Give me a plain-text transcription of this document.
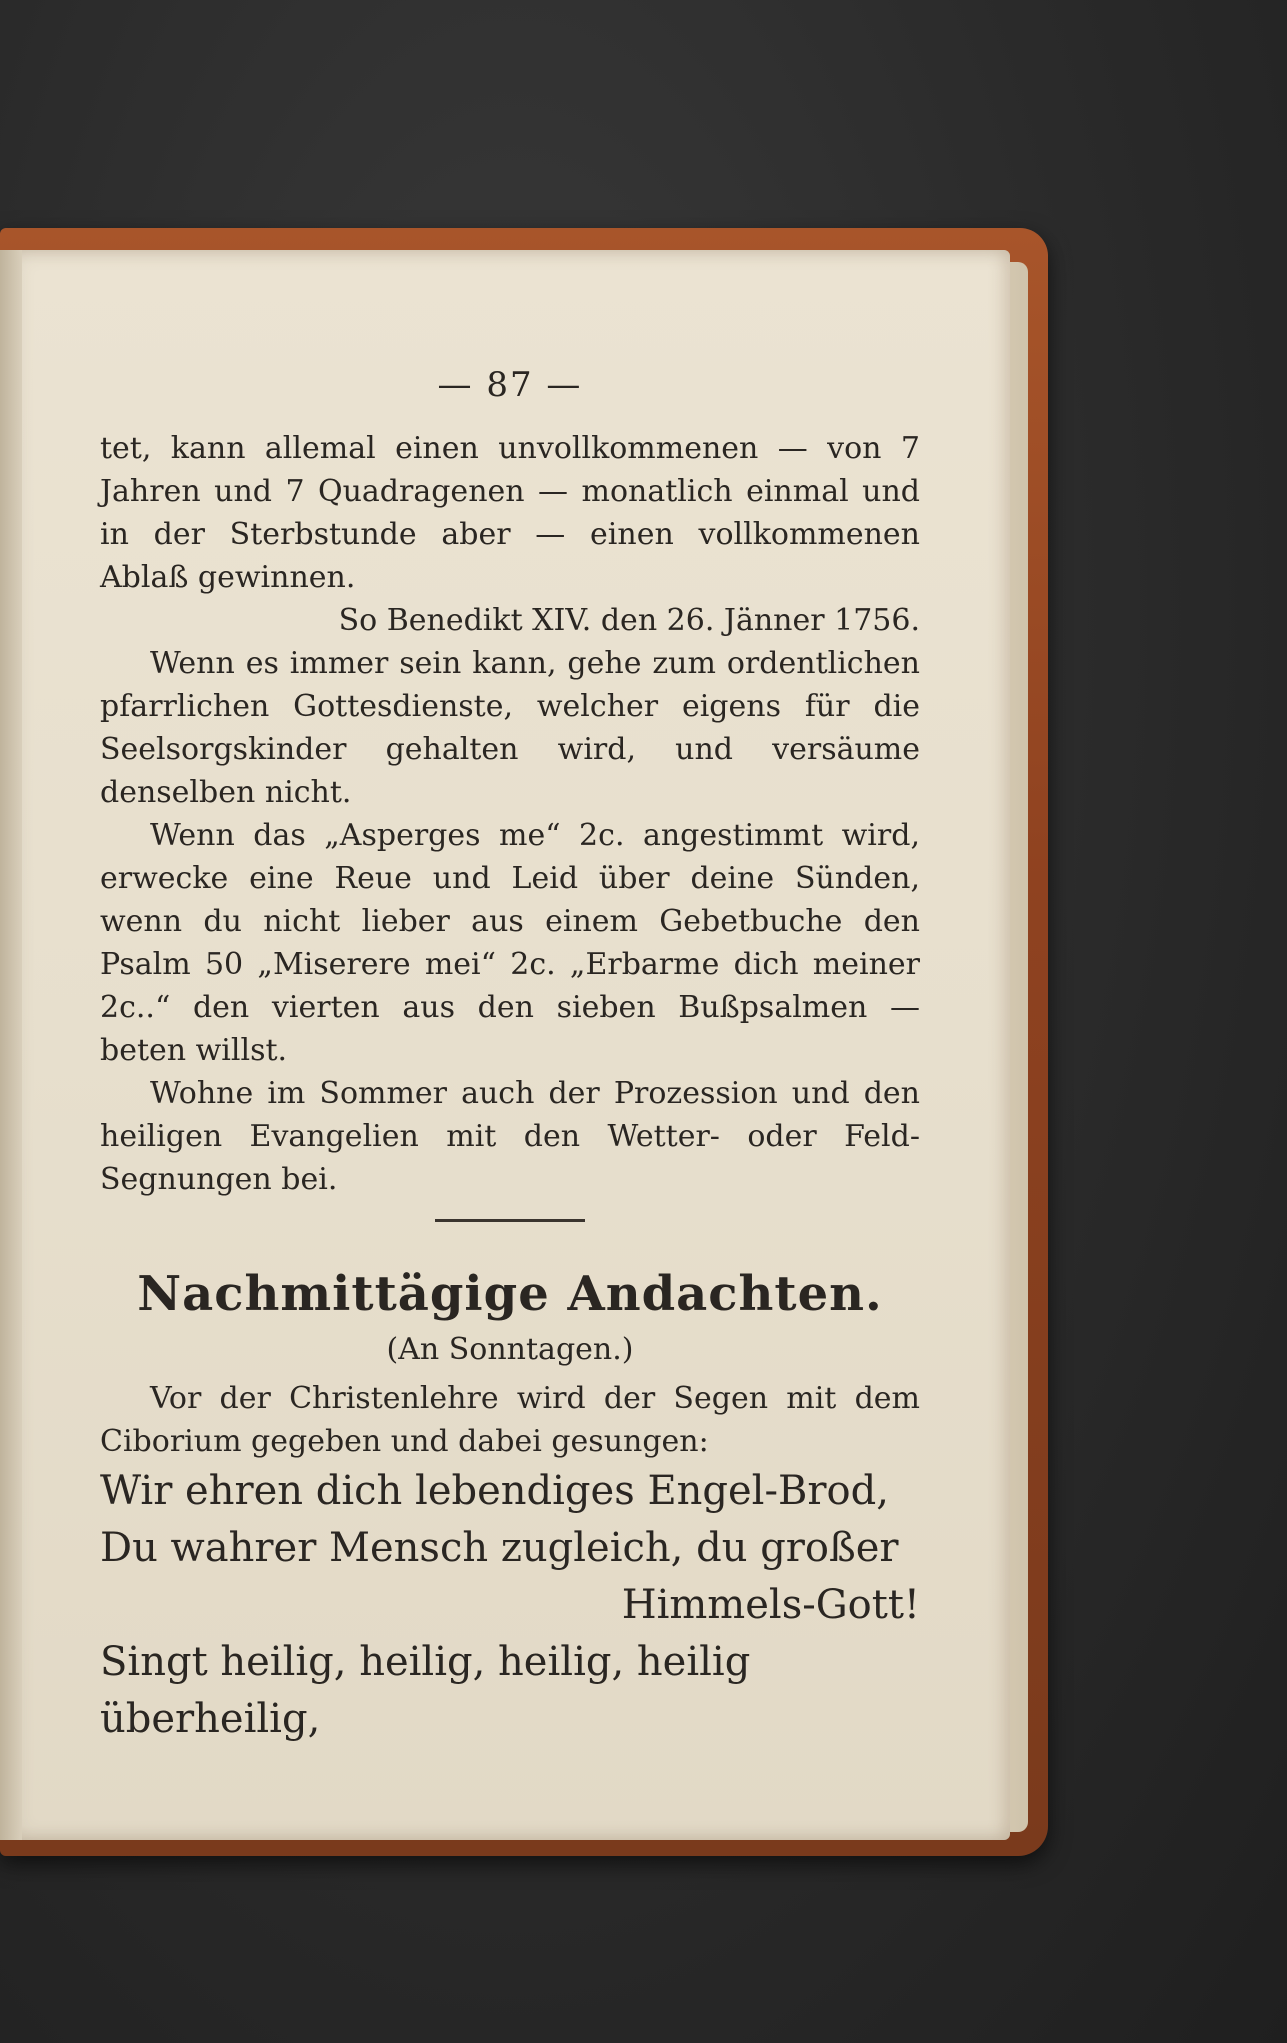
— 87 —

tet, kann allemal einen unvollkommenen — von 7 Jahren und 7 Quadragenen — monatlich einmal und in der Sterbstunde aber — einen vollkommenen Ablaß gewinnen.

So Benedikt XIV. den 26. Jänner 1756.

Wenn es immer sein kann, gehe zum ordentlichen pfarrlichen Gottesdienste, welcher eigens für die Seelsorgskinder gehalten wird, und versäume denselben nicht.

Wenn das „Asperges me“ 2c. angestimmt wird, erwecke eine Reue und Leid über deine Sünden, wenn du nicht lieber aus einem Gebetbuche den Psalm 50 „Miserere mei“ 2c. „Erbarme dich meiner 2c..“ den vierten aus den sieben Bußpsalmen — beten willst.

Wohne im Sommer auch der Prozession und den heiligen Evangelien mit den Wetter- oder Feld-Segnungen bei.

Nachmittägige Andachten.

(An Sonntagen.)

Vor der Christenlehre wird der Segen mit dem Ciborium gegeben und dabei gesungen:

Wir ehren dich lebendiges Engel-Brod,

Du wahrer Mensch zugleich, du großer

Himmels-Gott!

Singt heilig, heilig, heilig, heilig überheilig,
